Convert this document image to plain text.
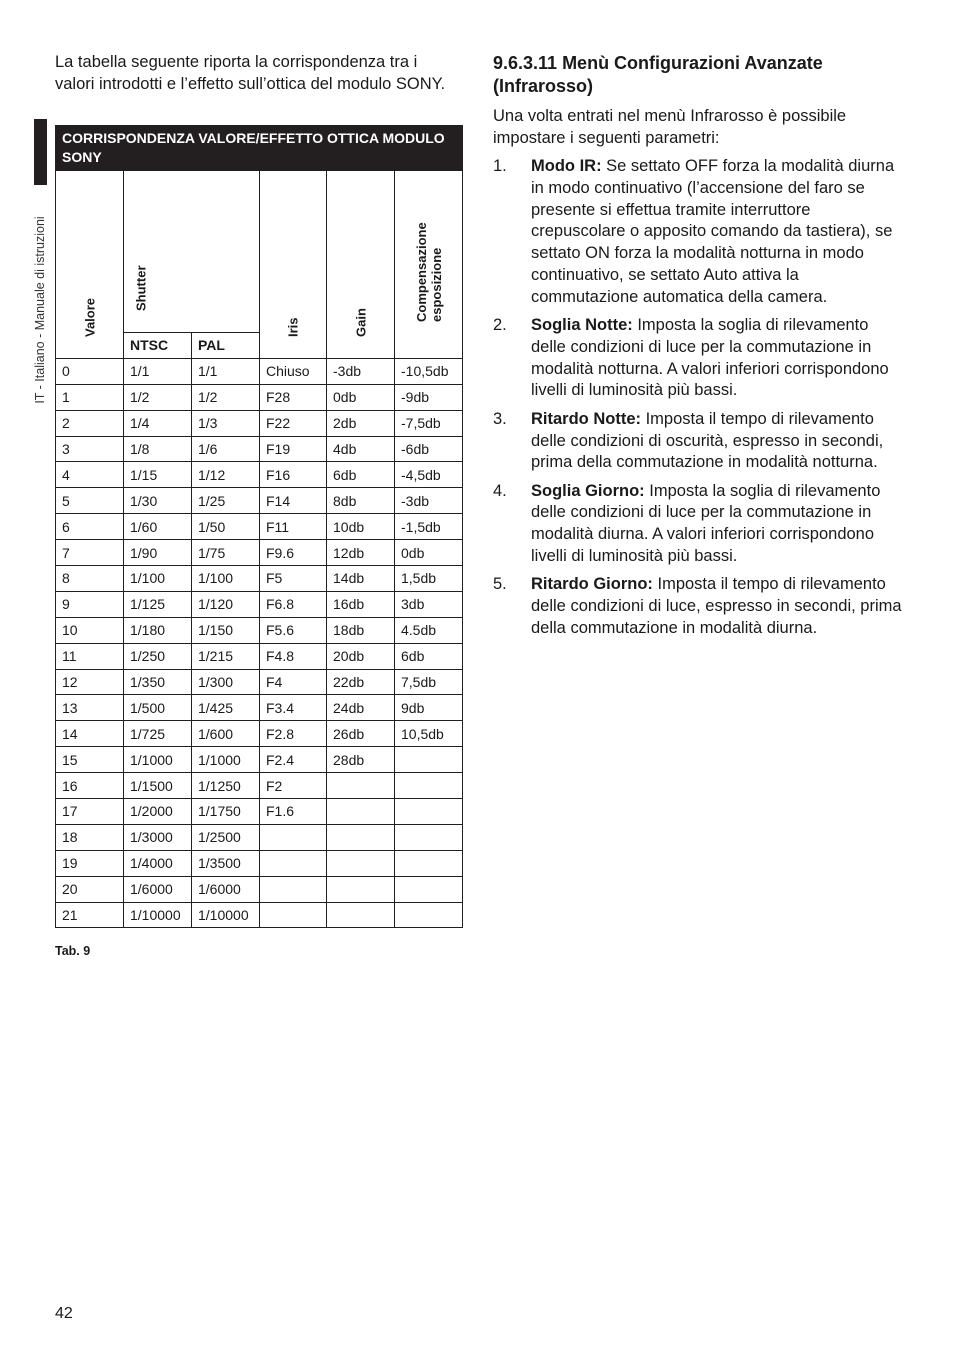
IT - Italiano - Manuale di istruzioni

La tabella seguente riporta la corrispondenza tra i valori introdotti e l’effetto sull’ottica del modulo SONY.

CORRISPONDENZA VALORE/EFFETTO OTTICA MODULO SONY					

Valore	Shutter		Iris	Gain	Compensazione esposizione

	NTSC	PAL			
0	1/1	1/1	Chiuso	-3db	-10,5db
1	1/2	1/2	F28	0db	-9db
2	1/4	1/3	F22	2db	-7,5db
3	1/8	1/6	F19	4db	-6db
4	1/15	1/12	F16	6db	-4,5db
5	1/30	1/25	F14	8db	-3db
6	1/60	1/50	F11	10db	-1,5db
7	1/90	1/75	F9.6	12db	0db
8	1/100	1/100	F5	14db	1,5db
9	1/125	1/120	F6.8	16db	3db
10	1/180	1/150	F5.6	18db	4.5db
11	1/250	1/215	F4.8	20db	6db
12	1/350	1/300	F4	22db	7,5db
13	1/500	1/425	F3.4	24db	9db
14	1/725	1/600	F2.8	26db	10,5db
15	1/1000	1/1000	F2.4	28db	
16	1/1500	1/1250	F2		
17	1/2000	1/1750	F1.6		
18	1/3000	1/2500			
19	1/4000	1/3500			
20	1/6000	1/6000			
21	1/10000	1/10000			
Tab. 9
9.6.3.11 Menù Configurazioni Avanzate (Infrarosso)

Una volta entrati nel menù Infrarosso è possibile impostare i seguenti parametri:

1. Modo IR: Se settato OFF forza la modalità diurna in modo continuativo (l’accensione del faro se presente si effettua tramite interruttore crepuscolare o apposito comando da tastiera), se settato ON forza la modalità notturna in modo continuativo, se settato Auto attiva la commutazione automatica della camera.
2. Soglia Notte: Imposta la soglia di rilevamento delle condizioni di luce per la commutazione in modalità notturna. A valori inferiori corrispondono livelli di luminosità più bassi.
3. Ritardo Notte: Imposta il tempo di rilevamento delle condizioni di oscurità, espresso in secondi, prima della commutazione in modalità notturna.
4. Soglia Giorno: Imposta la soglia di rilevamento delle condizioni di luce per la commutazione in modalità diurna. A valori inferiori corrispondono livelli di luminosità più bassi.
5. Ritardo Giorno: Imposta il tempo di rilevamento delle condizioni di luce, espresso in secondi, prima della commutazione in modalità diurna.
42
